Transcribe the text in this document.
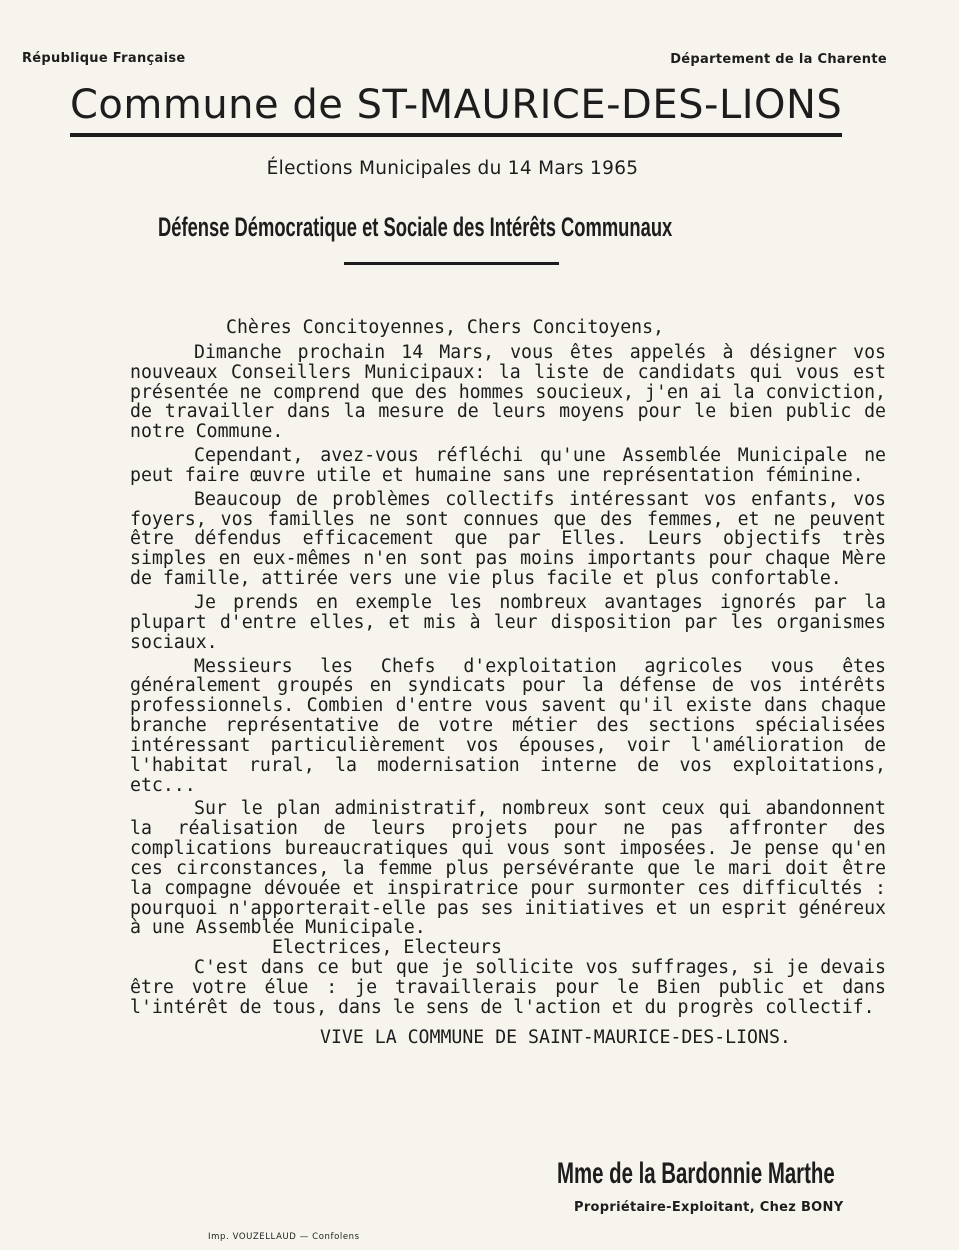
République Française	Département de la Charente
Commune de ST-MAURICE-DES-LIONS
Élections Municipales du 14 Mars 1965
Défense Démocratique et Sociale des Intérêts Communaux

Chères Concitoyennes, Chers Concitoyens,

Dimanche prochain 14 Mars, vous êtes appelés à désigner vos nouveaux Conseillers Municipaux: la liste de candidats qui vous est présentée ne comprend que des hommes soucieux, j'en ai la conviction, de travailler dans la mesure de leurs moyens pour le bien public de notre Commune.

Cependant, avez-vous réfléchi qu'une Assemblée Municipale ne peut faire œuvre utile et humaine sans une représentation féminine.

Beaucoup de problèmes collectifs intéressant vos enfants, vos foyers, vos familles ne sont connues que des femmes, et ne peuvent être défendus efficacement que par Elles. Leurs objectifs très simples en eux-mêmes n'en sont pas moins importants pour chaque Mère de famille, attirée vers une vie plus facile et plus confortable.

Je prends en exemple les nombreux avantages ignorés par la plupart d'entre elles, et mis à leur disposition par les organismes sociaux.

Messieurs les Chefs d'exploitation agricoles vous êtes généralement groupés en syndicats pour la défense de vos intérêts professionnels. Combien d'entre vous savent qu'il existe dans chaque branche représentative de votre métier des sections spécialisées intéressant particulièrement vos épouses, voir l'amélioration de l'habitat rural, la modernisation interne de vos exploitations, etc...

Sur le plan administratif, nombreux sont ceux qui abandonnent la réalisation de leurs projets pour ne pas affronter des complications bureaucratiques qui vous sont imposées. Je pense qu'en ces circonstances, la femme plus persévérante que le mari doit être la compagne dévouée et inspiratrice pour surmonter ces difficultés : pourquoi n'apporterait-elle pas ses initiatives et un esprit généreux à une Assemblée Municipale.

Electrices, Electeurs

C'est dans ce but que je sollicite vos suffrages, si je devais être votre élue : je travaillerais pour le Bien public et dans l'intérêt de tous, dans le sens de l'action et du progrès collectif.

VIVE LA COMMUNE DE SAINT-MAURICE-DES-LIONS.

Mme de la Bardonnie Marthe
Propriétaire-Exploitant, Chez BONY
Imp. VOUZELLAUD — Confolens
